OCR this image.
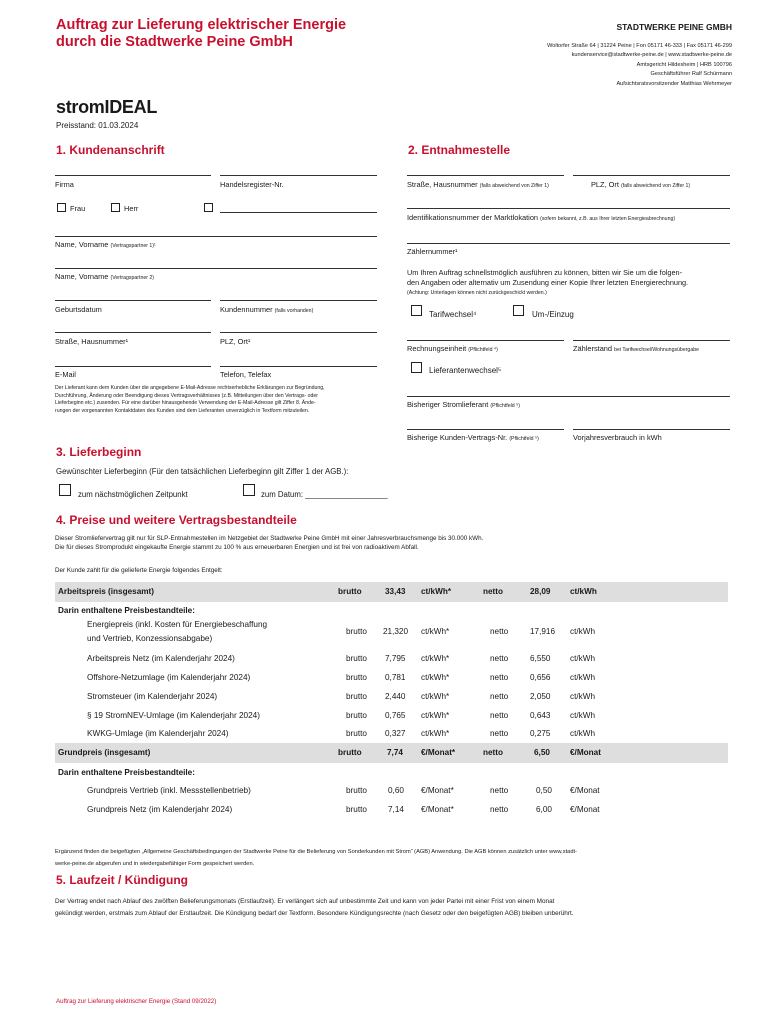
Auftrag zur Lieferung elektrischer Energie
durch die Stadtwerke Peine GmbH
STADTWERKE PEINE GMBH
Woltorfer Straße 64 | 31224 Peine | Fon 05171 46-333 | Fax 05171 46-299
kundenservice@stadtwerke-peine.de | www.stadtwerke-peine.de
Amtsgericht Hildesheim | HRB 100796
Geschäftsführer Ralf Schürmann
Aufsichtsratsvorsitzender Matthias Wehrmeyer
stromIDEAL
Preisstand: 01.03.2024
1. Kundenanschrift
Firma	Handelsregister-Nr.
Frau	Herr
Name, Vorname (Vertragspartner 1)¹
Name, Vorname (Vertragspartner 2)
Geburtsdatum	Kundennummer (falls vorhanden)
Straße, Hausnummer¹	PLZ, Ort¹
E-Mail	Telefon, Telefax
Der Lieferant kann dem Kunden über die angegebene E-Mail-Adresse rechtserhebliche Erklärungen zur Begründung,
Durchführung, Änderung oder Beendigung dieses Vertragsverhältnisses (z.B. Mitteilungen über den Vertrags- oder
Lieferbeginn etc.) zusenden. Für eine darüber hinausgehende Verwendung der E-Mail-Adresse gilt Ziffer 8. Ände-
rungen der vorgenannten Kontaktdaten des Kunden sind dem Lieferanten unverzüglich in Textform mitzuteilen.
2. Entnahmestelle
Straße, Hausnummer (falls abweichend von Ziffer 1)	PLZ, Ort (falls abweichend von Ziffer 1)
Identifikationsnummer der Marktlokation (sofern bekannt, z.B. aus Ihrer letzten Energieabrechnung)
Zählernummer¹
Um Ihren Auftrag schnellstmöglich ausführen zu können, bitten wir Sie um die folgen-
den Angaben oder alternativ um Zusendung einer Kopie Ihrer letzten Energierechnung.
(Achtung: Unterlagen können nicht zurückgeschickt werden.)
Tarifwechsel⁴	Um-/Einzug
Rechnungseinheit (Pflichtfeld ⁴)	Zählerstand bei Tarifwechsel/Wohnungsübergabe
Lieferantenwechsel⁵
Bisheriger Stromlieferant (Pflichtfeld ⁵)
Bisherige Kunden-Vertrags-Nr. (Pflichtfeld ⁵)	Vorjahresverbrauch in kWh
3. Lieferbeginn
Gewünschter Lieferbeginn (Für den tatsächlichen Lieferbeginn gilt Ziffer 1 der AGB.):
zum nächstmöglichen Zeitpunkt	zum Datum: ___________________
4. Preise und weitere Vertragsbestandteile
Dieser Stromliefervertrag gilt nur für SLP-Entnahmestellen im Netzgebiet der Stadtwerke Peine GmbH mit einer Jahresverbrauchsmenge bis 30.000 kWh.
Die für dieses Stromprodukt eingekaufte Energie stammt zu 100 % aus erneuerbaren Energien und ist frei von radioaktivem Abfall.
Der Kunde zahlt für die gelieferte Energie folgendes Entgelt:
Arbeitspreis (insgesamt)	brutto	33,43 ct/kWh*	netto	28,09 ct/kWh
Darin enthaltene Preisbestandteile:
Energiepreis (inkl. Kosten für Energiebeschaffung
und Vertrieb, Konzessionsabgabe)
brutto 21,320 ct/kWh*	netto	17,916 ct/kWh
Arbeitspreis Netz (im Kalenderjahr 2024)	brutto 7,795 ct/kWh*	netto	6,550 ct/kWh
Offshore-Netzumlage (im Kalenderjahr 2024)	brutto 0,781 ct/kWh*	netto	0,656 ct/kWh
Stromsteuer (im Kalenderjahr 2024)	brutto 2,440 ct/kWh*	netto	2,050 ct/kWh
§ 19 StromNEV-Umlage (im Kalenderjahr 2024)	brutto 0,765 ct/kWh*	netto	0,643 ct/kWh
KWKG-Umlage (im Kalenderjahr 2024)	brutto 0,327 ct/kWh*	netto	0,275 ct/kWh
Grundpreis (insgesamt)	brutto	7,74 €/Monat*	netto	6,50 €/Monat
Darin enthaltene Preisbestandteile:
Grundpreis Vertrieb (inkl. Messstellenbetrieb)	brutto	0,60 €/Monat*	netto	0,50 €/Monat
Grundpreis Netz (im Kalenderjahr 2024)	brutto	7,14 €/Monat*	netto	6,00 €/Monat
Ergänzend finden die beigefügten „Allgemeine Geschäftsbedingungen der Stadtwerke Peine für die Belieferung von Sonderkunden mit Strom“ (AGB) Anwendung. Die AGB können zusätzlich unter www.stadt-
werke-peine.de abgerufen und in wiedergabefähiger Form gespeichert werden.
5. Laufzeit / Kündigung
Der Vertrag endet nach Ablauf des zwölften Belieferungsmonats (Erstlaufzeit). Er verlängert sich auf unbestimmte Zeit und kann von jeder Partei mit einer Frist von einem Monat
gekündigt werden, erstmals zum Ablauf der Erstlaufzeit. Die Kündigung bedarf der Textform. Besondere Kündigungsrechte (nach Gesetz oder den beigefügten AGB) bleiben unberührt.
Auftrag zur Lieferung elektrischer Energie (Stand 09/2022)
